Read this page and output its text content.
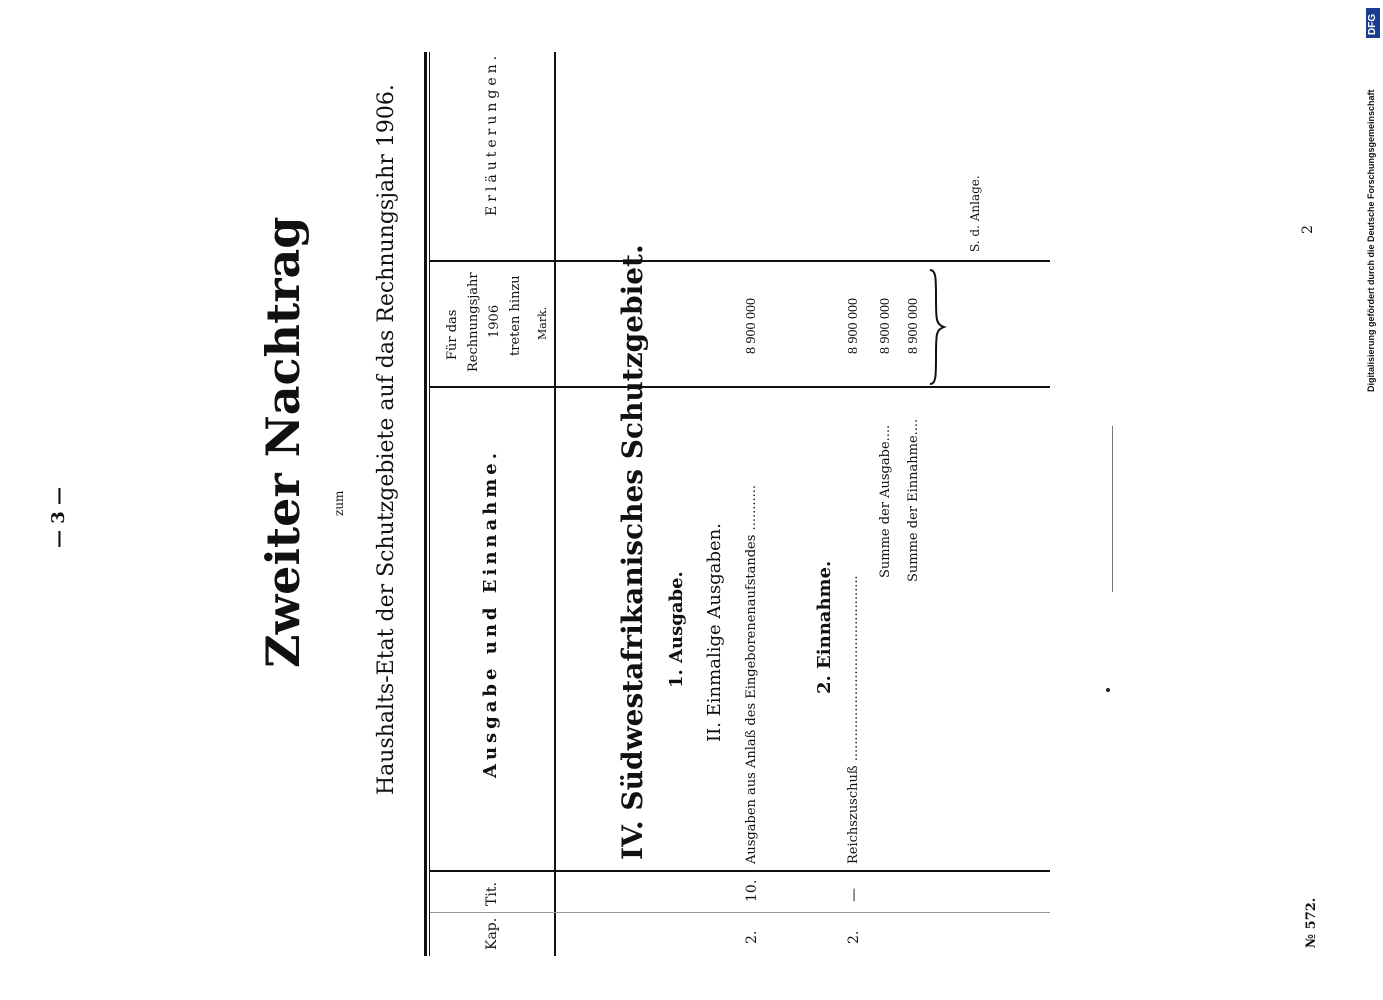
— 3 —	Zweiter Nachtrag zum Haushalts-Etat der Schutzgebiete auf das Rechnungsjahr 1906.
Kap.
Tit.
Ausgabe und Einnahme.
Für das Rechnungsjahr 1906 treten hinzu Mark.
Erläuterungen.
IV. Südwestafrikanisches Schutzgebiet. 1. Ausgabe. II. Einmalige Ausgaben.
2.
10.
Ausgaben aus Anlaß des Eingeborenenaufstandes ...........
8 900 000
2. Einnahme.
2.
—
Reichszuschuß .............................................
8 900 000
Summe der Ausgabe....
8 900 000
Summe der Einnahme....
8 900 000
S. d. Anlage.
№ 572.
2	Digitalisierung gefördert durch die Deutsche Forschungsgemeinschaft
DFG
